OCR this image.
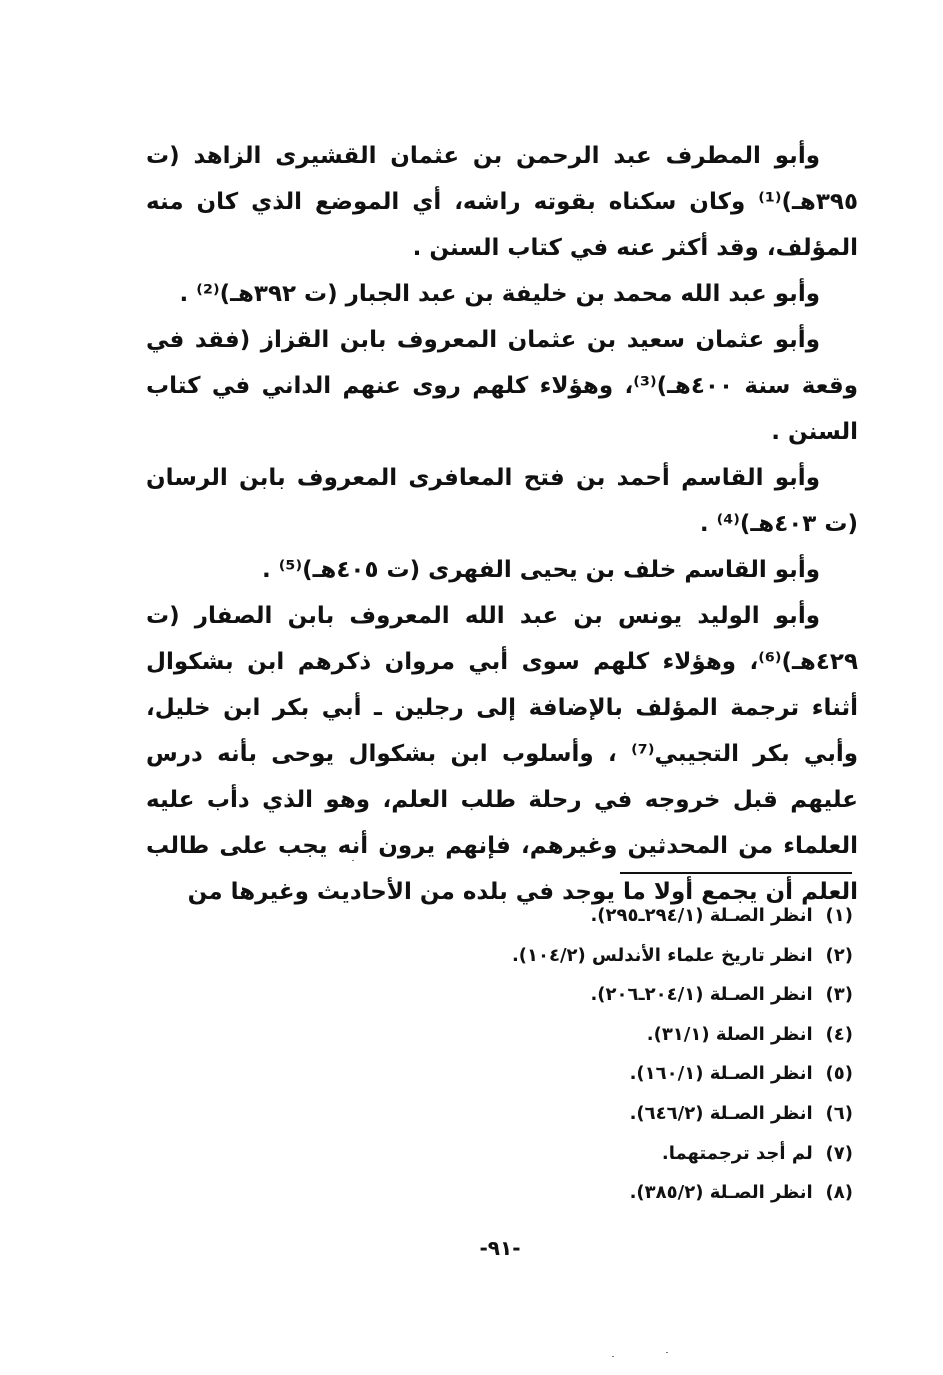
وأبو المطرف عبد الرحمن بن عثمان القشيرى الزاهد (ت ٣٩٥هـ)⁽¹⁾ وكان سكناه بقوته راشه، أي الموضع الذي كان منه المؤلف، وقد أكثر عنه في كتاب السنن .

وأبو عبد الله محمد بن خليفة بن عبد الجبار (ت ٣٩٢هـ)⁽²⁾ .

وأبو عثمان سعيد بن عثمان المعروف بابن القزاز (فقد في وقعة سنة ٤٠٠هـ)⁽³⁾، وهؤلاء كلهم روى عنهم الداني في كتاب السنن .

وأبو القاسم أحمد بن فتح المعافرى المعروف بابن الرسان (ت ٤٠٣هـ)⁽⁴⁾ .

وأبو القاسم خلف بن يحيى الفهرى (ت ٤٠٥هـ)⁽⁵⁾ .

وأبو الوليد يونس بن عبد الله المعروف بابن الصفار (ت ٤٢٩هـ)⁽⁶⁾، وهؤلاء كلهم سوى أبي مروان ذكرهم ابن بشكوال أثناء ترجمة المؤلف بالإضافة إلى رجلين ـ أبي بكر ابن خليل، وأبي بكر التجيبي⁽⁷⁾ ، وأسلوب ابن بشكوال يوحى بأنه درس عليهم قبل خروجه في رحلة طلب العلم، وهو الذي دأب عليه العلماء من المحدثين وغيرهم، فإنهم يرون أنه يجب على طالب العلم أن يجمع أولا ما يوجد في بلده من الأحاديث وغيرها من

(١) انظر الصـلة (٢٩٤/١ـ٢٩٥).
(٢) انظر تاريخ علماء الأندلس (١٠٤/٢).
(٣) انظر الصـلة (٢٠٤/١ـ٢٠٦).
(٤) انظر الصلة (٣١/١).
(٥) انظر الصـلة (١٦٠/١).
(٦) انظر الصـلة (٦٤٦/٢).
(٧) لم أجد ترجمتهما.
(٨) انظر الصـلة (٣٨٥/٢).
-٩١-
